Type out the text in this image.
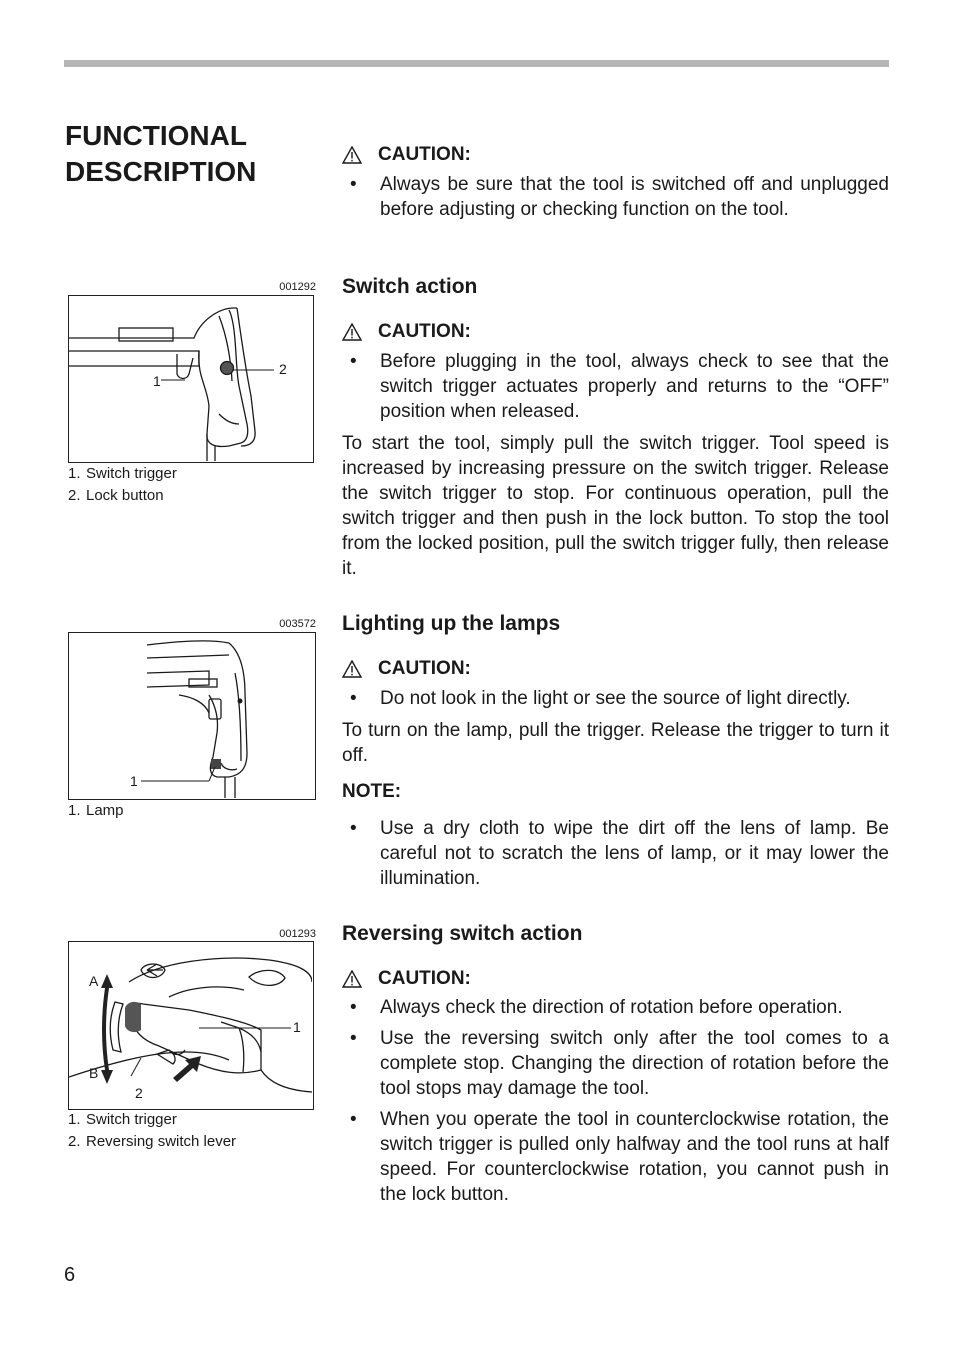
FUNCTIONAL
DESCRIPTION
CAUTION:
• Always be sure that the tool is switched off and unplugged before adjusting or checking function on the tool.
Switch action
CAUTION:
• Before plugging in the tool, always check to see that the switch trigger actuates properly and returns to the “OFF” position when released.

To start the tool, simply pull the switch trigger. Tool speed is increased by increasing pressure on the switch trigger. Release the switch trigger to stop. For continuous operation, pull the switch trigger and then push in the lock button. To stop the tool from the locked position, pull the switch trigger fully, then release it.

Lighting up the lamps
CAUTION:
• Do not look in the light or see the source of light directly.

To turn on the lamp, pull the trigger. Release the trigger to turn it off.

NOTE:

• Use a dry cloth to wipe the dirt off the lens of lamp. Be careful not to scratch the lens of lamp, or it may lower the illumination.
Reversing switch action
CAUTION:
• Always check the direction of rotation before operation.
• Use the reversing switch only after the tool comes to a complete stop. Changing the direction of rotation before the tool stops may damage the tool.
• When you operate the tool in counterclockwise rotation, the switch trigger is pulled only halfway and the tool runs at half speed. For counterclockwise rotation, you cannot push in the lock button.
001292
1
2
1. Switch trigger
2. Lock button
003572
1
1. Lamp
001293
A
B
1
2
1. Switch trigger
2. Reversing switch lever
6
